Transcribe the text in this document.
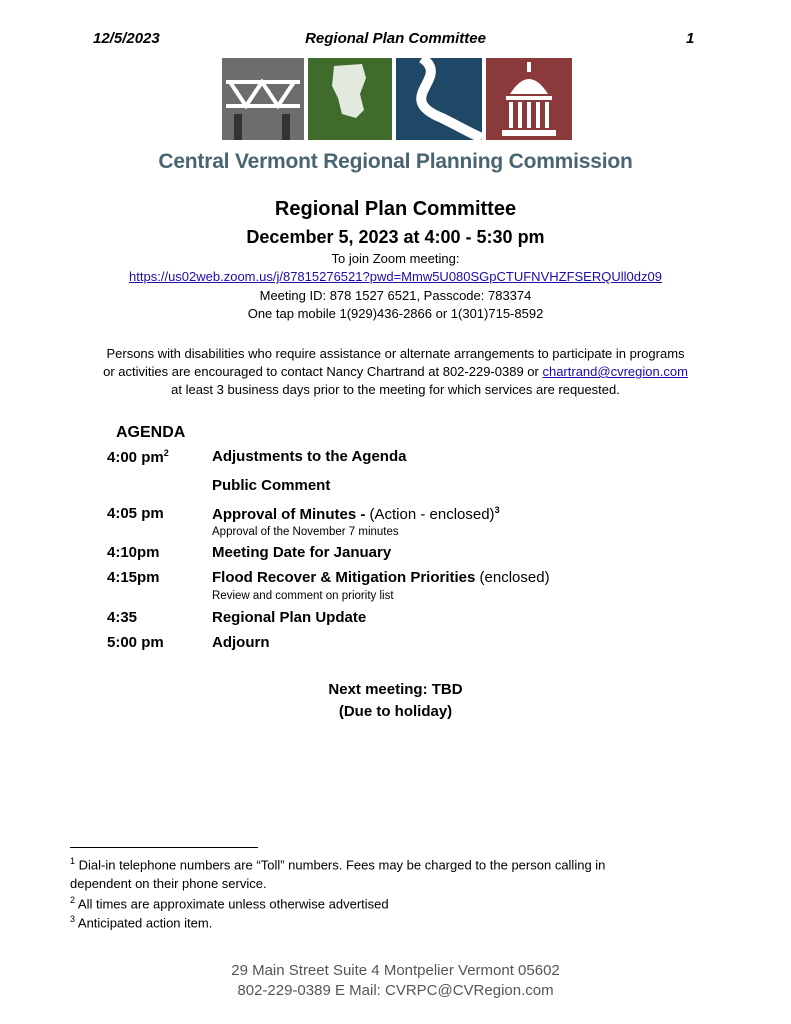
12/5/2023	Regional Plan Committee	1
Central Vermont Regional Planning Commission
Regional Plan Committee
December 5, 2023 at 4:00 - 5:30 pm
To join Zoom meeting:
https://us02web.zoom.us/j/87815276521?pwd=Mmw5U080SGpCTUFNVHZFSERQUll0dz09
Meeting ID: 878 1527 6521, Passcode: 783374
One tap mobile 1(929)436-2866 or 1(301)715-8592
Persons with disabilities who require assistance or alternate arrangements to participate in programs
or activities are encouraged to contact Nancy Chartrand at 802-229-0389 or chartrand@cvregion.com
at least 3 business days prior to the meeting for which services are requested.
AGENDA
4:00 $pm^2$	Adjustments to the Agenda
Public Comment
4:05 pm	Approval of Minutes - (Action - enclosed)$^3$
Approval of the November 7 minutes
4:10pm	Meeting Date for January
4:15pm	Flood Recover & Mitigation Priorities (enclosed)
Review and comment on priority list
4:35	Regional Plan Update
5:00 pm	Adjourn
Next meeting: TBD
(Due to holiday)
$^1$ Dial-in telephone numbers are “Toll” numbers. Fees may be charged to the person calling in
dependent on their phone service.
$^2$ All times are approximate unless otherwise advertised
$^3$ Anticipated action item.
29 Main Street Suite 4 Montpelier Vermont 05602
802-229-0389 E Mail: CVRPC@CVRegion.com
